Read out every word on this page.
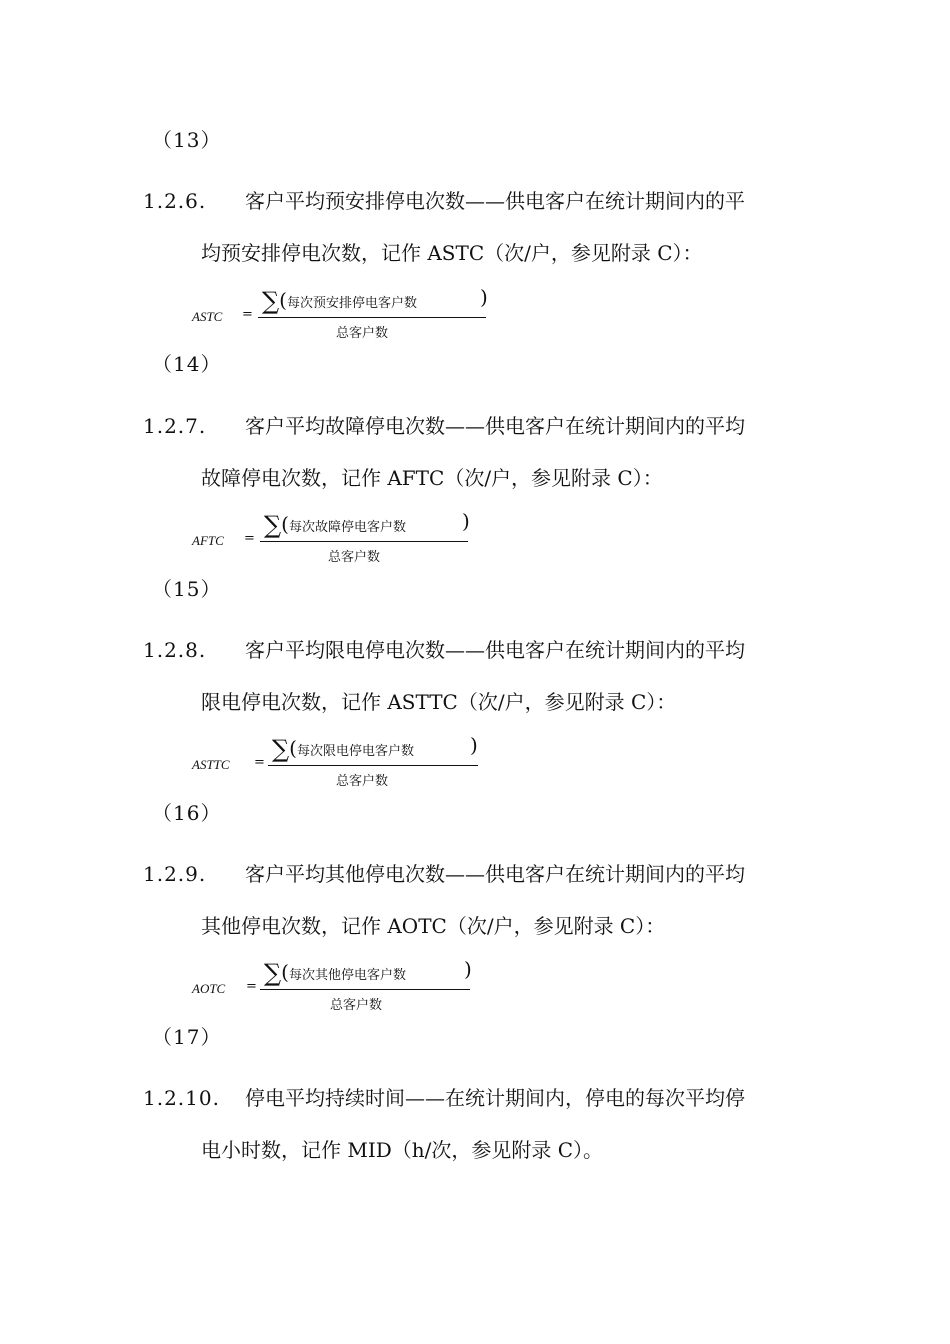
（13）
1.2.6.	客户平均预安排停电次数——供电客户在统计期间内的平
均预安排停电次数，记作 ASTC（次/户，参见附录 C）：
ASTC = ∑(每次预安排停电客户数	)
总客户数
（14）
1.2.7.	客户平均故障停电次数——供电客户在统计期间内的平均
故障停电次数，记作 AFTC（次/户，参见附录 C）：
AFTC = ∑(每次故障停电客户数	)
总客户数
（15）
1.2.8.	客户平均限电停电次数——供电客户在统计期间内的平均
限电停电次数，记作 ASTTC（次/户，参见附录 C）：
ASTTC = ∑(每次限电停电客户数	)
总客户数
（16）
1.2.9.	客户平均其他停电次数——供电客户在统计期间内的平均
其他停电次数，记作 AOTC（次/户，参见附录 C）：
AOTC = ∑(每次其他停电客户数	)
总客户数
（17）
1.2.10.	停电平均持续时间——在统计期间内，停电的每次平均停
电小时数，记作 MID（h/次，参见附录 C）。
